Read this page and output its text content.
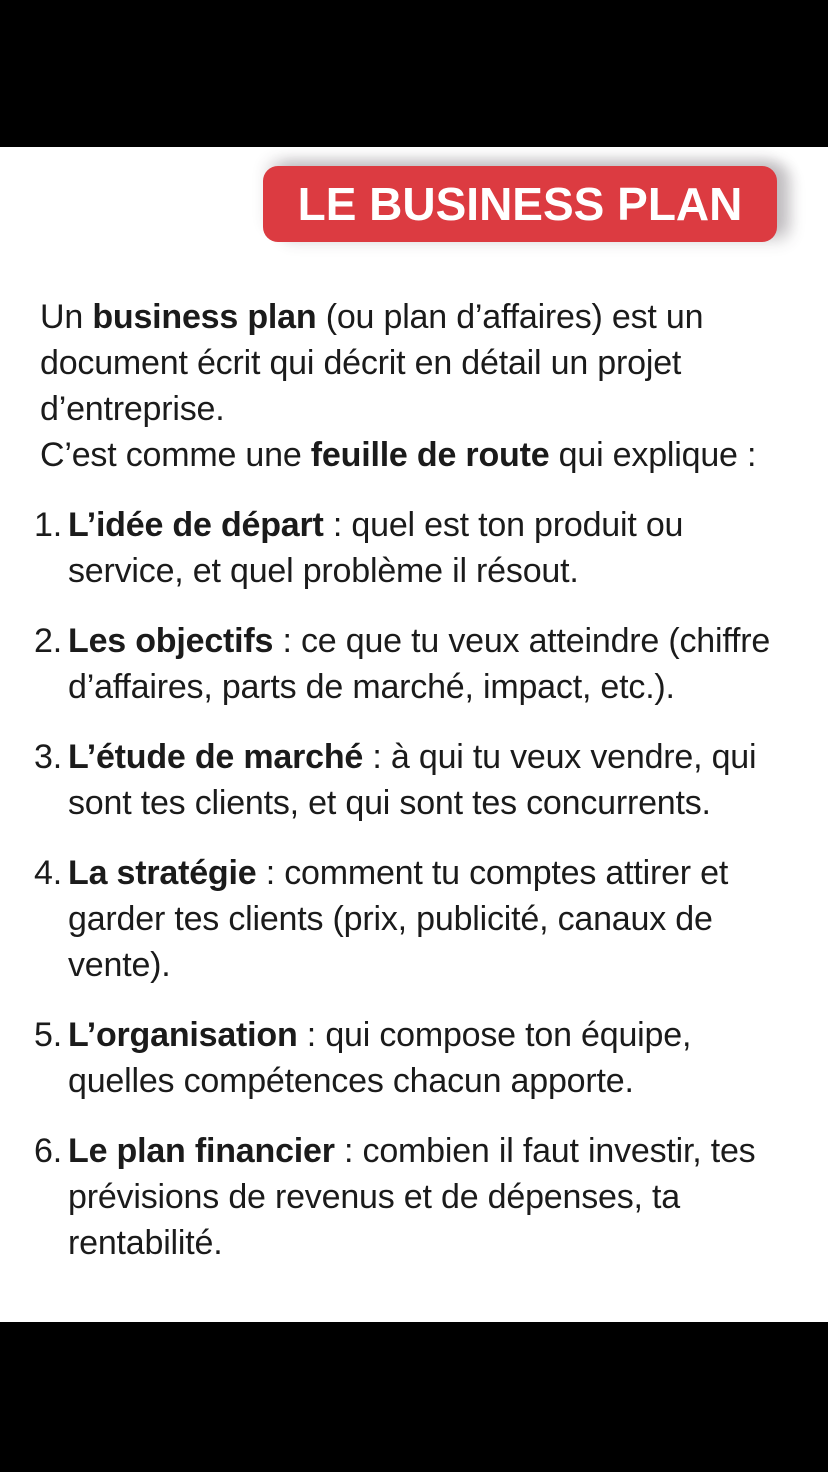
LE BUSINESS PLAN
Un business plan (ou plan d’affaires) est un document écrit qui décrit en détail un projet d’entreprise.
C’est comme une feuille de route qui explique :
1. L’idée de départ : quel est ton produit ou service, et quel problème il résout.
2. Les objectifs : ce que tu veux atteindre (chiffre d’affaires, parts de marché, impact, etc.).
3. L’étude de marché : à qui tu veux vendre, qui sont tes clients, et qui sont tes concurrents.
4. La stratégie : comment tu comptes attirer et garder tes clients (prix, publicité, canaux de vente).
5. L’organisation : qui compose ton équipe, quelles compétences chacun apporte.
6. Le plan financier : combien il faut investir, tes prévisions de revenus et de dépenses, ta rentabilité.
